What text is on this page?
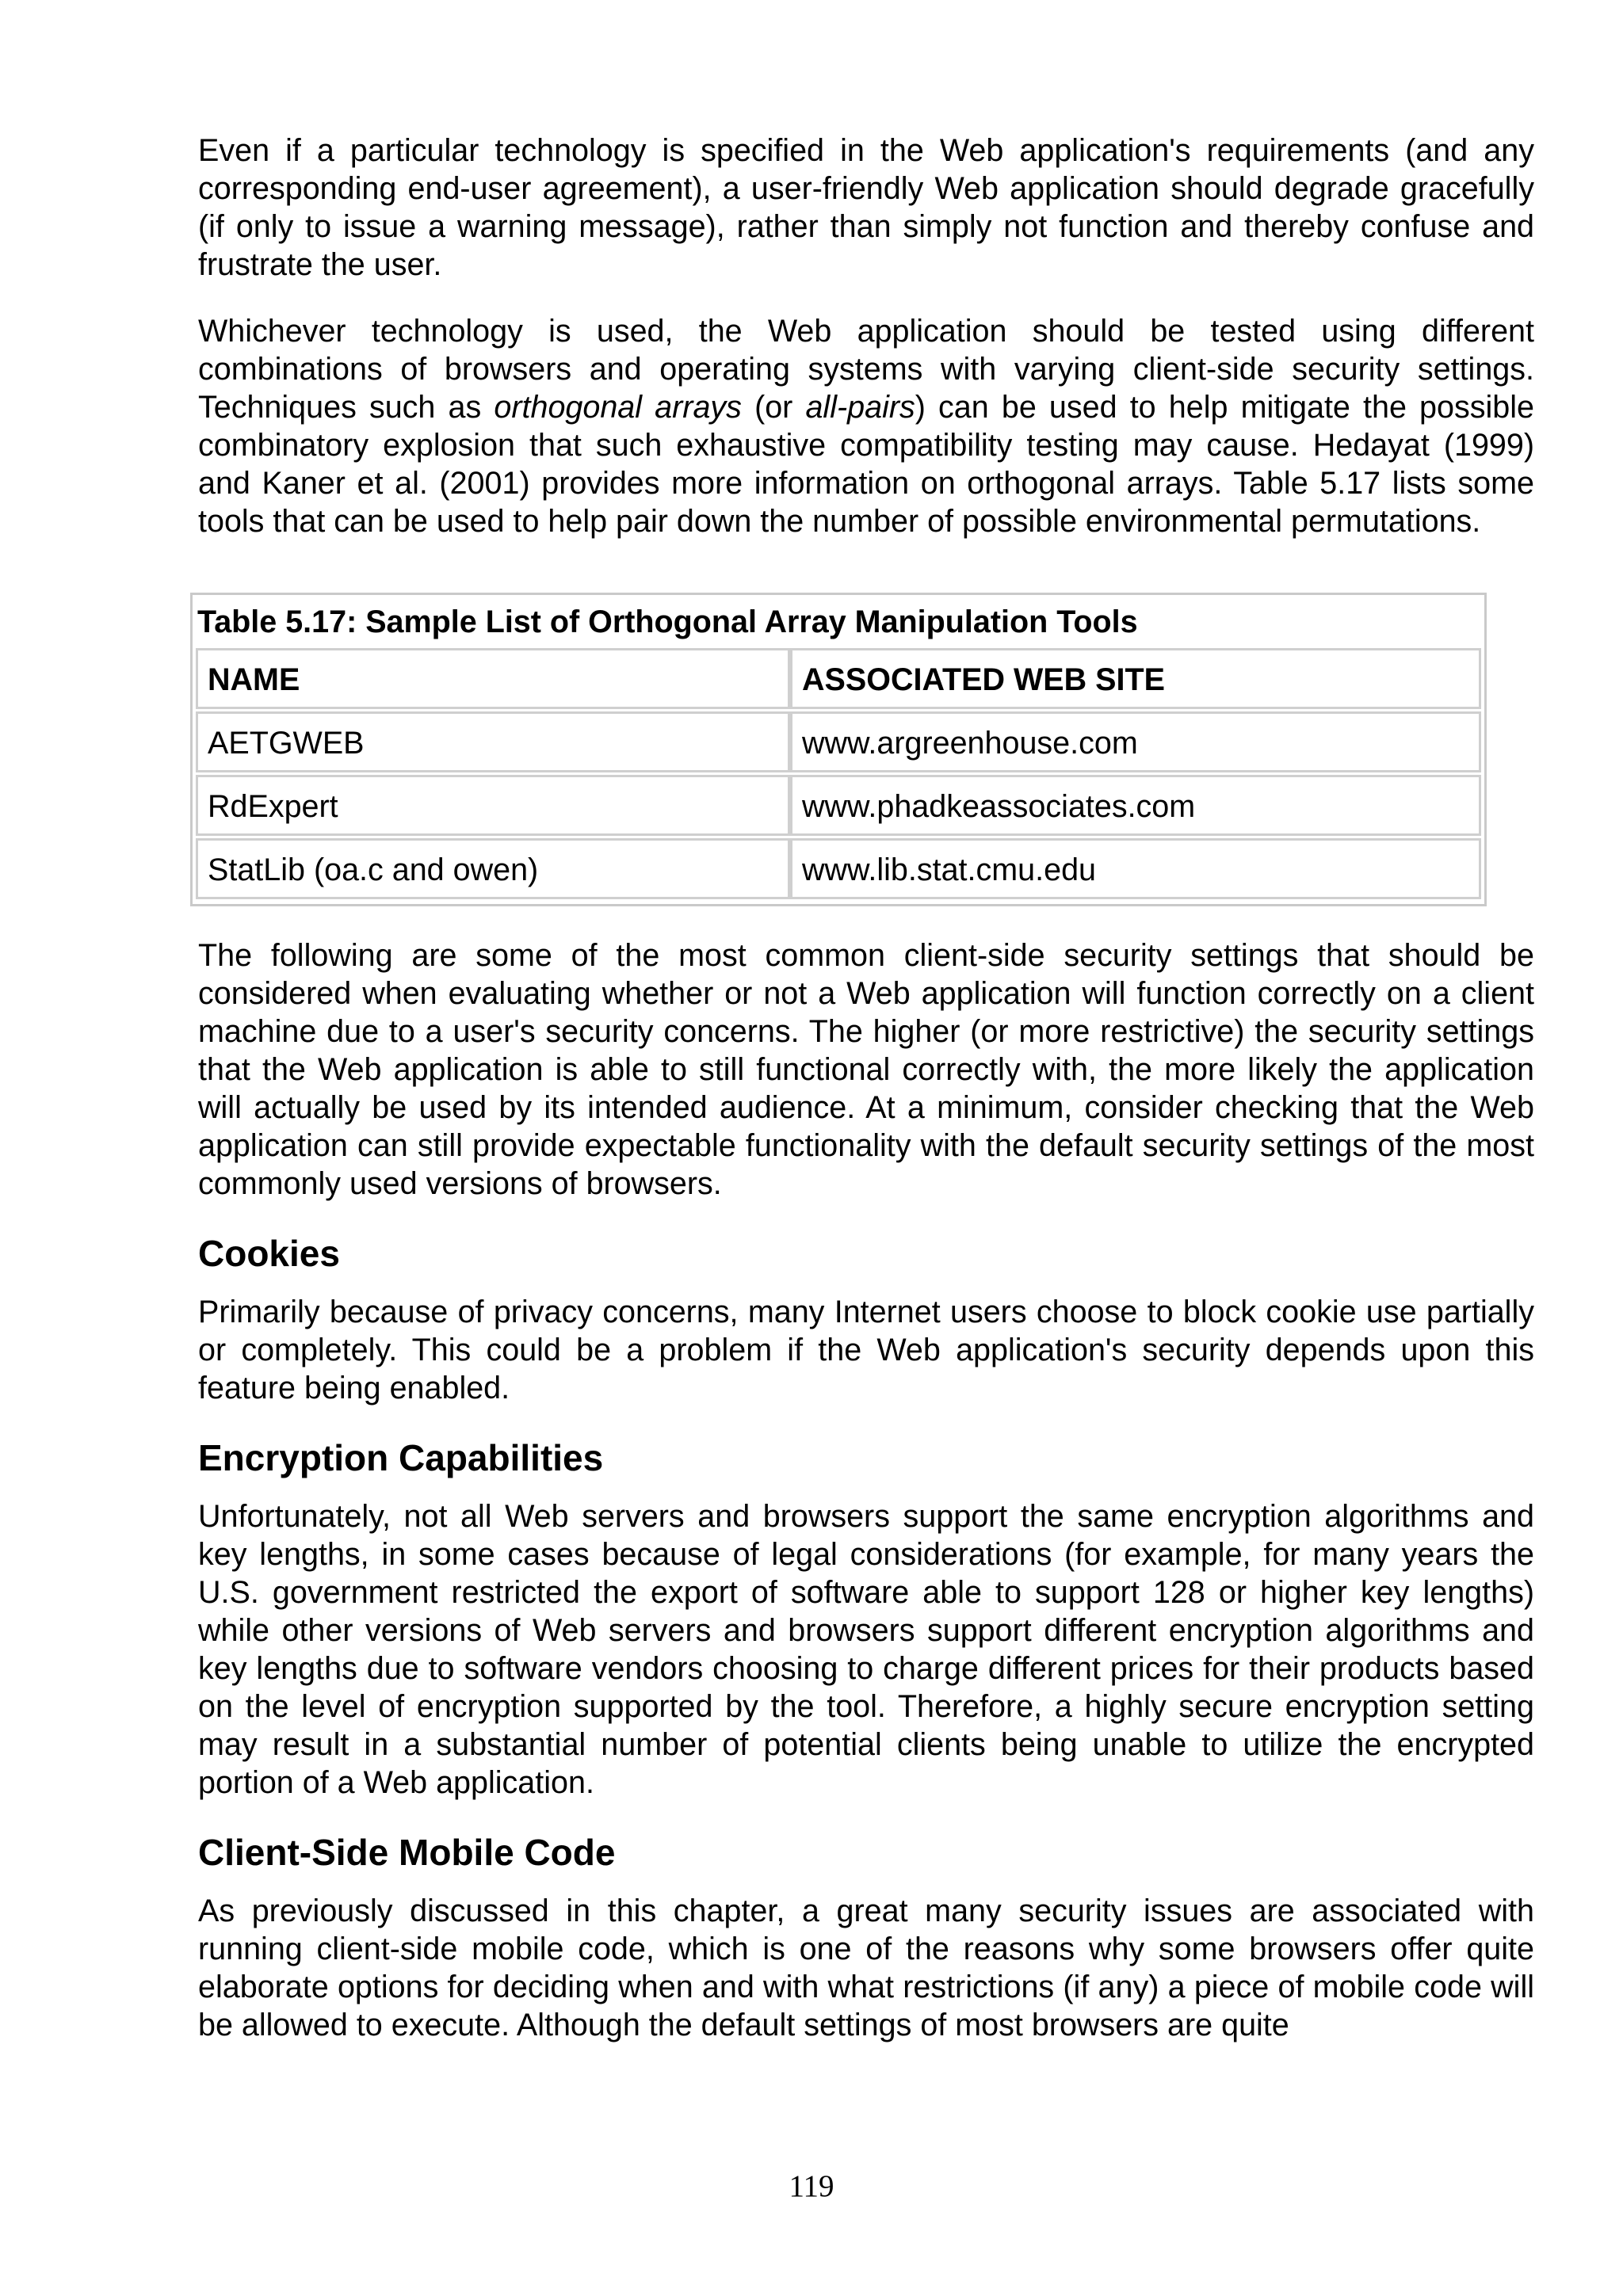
Even if a particular technology is specified in the Web application's requirements (and any corresponding end-user agreement), a user-friendly Web application should degrade gracefully (if only to issue a warning message), rather than simply not function and thereby confuse and frustrate the user.

Whichever technology is used, the Web application should be tested using different combinations of browsers and operating systems with varying client-side security settings. Techniques such as orthogonal arrays (or all-pairs) can be used to help mitigate the possible combinatory explosion that such exhaustive compatibility testing may cause. Hedayat (1999) and Kaner et al. (2001) provides more information on orthogonal arrays. Table 5.17 lists some tools that can be used to help pair down the number of possible environmental permutations.

Table 5.17: Sample List of Orthogonal Array Manipulation Tools
NAME	ASSOCIATED WEB SITE
AETGWEB	www.argreenhouse.com
RdExpert	www.phadkeassociates.com
StatLib (oa.c and owen)	www.lib.stat.cmu.edu

The following are some of the most common client-side security settings that should be considered when evaluating whether or not a Web application will function correctly on a client machine due to a user's security concerns. The higher (or more restrictive) the security settings that the Web application is able to still functional correctly with, the more likely the application will actually be used by its intended audience. At a minimum, consider checking that the Web application can still provide expectable functionality with the default security settings of the most commonly used versions of browsers.

Cookies

Primarily because of privacy concerns, many Internet users choose to block cookie use partially or completely. This could be a problem if the Web application's security depends upon this feature being enabled.

Encryption Capabilities

Unfortunately, not all Web servers and browsers support the same encryption algorithms and key lengths, in some cases because of legal considerations (for example, for many years the U.S. government restricted the export of software able to support 128 or higher key lengths) while other versions of Web servers and browsers support different encryption algorithms and key lengths due to software vendors choosing to charge different prices for their products based on the level of encryption supported by the tool. Therefore, a highly secure encryption setting may result in a substantial number of potential clients being unable to utilize the encrypted portion of a Web application.

Client-Side Mobile Code

As previously discussed in this chapter, a great many security issues are associated with running client-side mobile code, which is one of the reasons why some browsers offer quite elaborate options for deciding when and with what restrictions (if any) a piece of mobile code will be allowed to execute. Although the default settings of most browsers are quite

119
